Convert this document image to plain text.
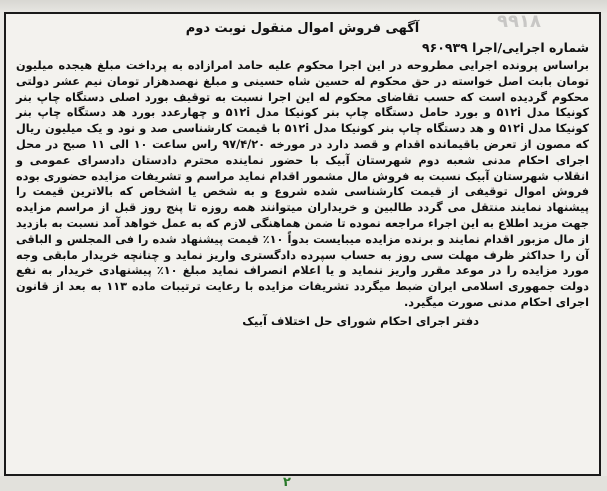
۹۹۱۸
آگهی فروش اموال منقول نوبت دوم
شماره اجرایی/اجرا ۹۶۰۹۳۹

براساس پرونده اجرایی مطروحه در این اجرا محکوم علیه حامد امرازاده به پرداخت مبلغ هیجده میلیون تومان بابت اصل خواسته در حق محکوم له حسین شاه حسینی و مبلغ نهصدهزار تومان نیم عشر دولتی محکوم گردیده است که حسب تقاضای محکوم له این اجرا نسبت به توقیف بورد اصلی دستگاه چاپ بنر کونیکا مدل ۵۱۲i و بورد حامل دستگاه چاپ بنر کونیکا مدل ۵۱۲i و چهارعدد بورد هد دستگاه چاپ بنر کونیکا مدل ۵۱۲i و هد دستگاه چاپ بنر کونیکا مدل ۵۱۲i با قیمت کارشناسی صد و نود و یک میلیون ریال که مصون از تعرض باقیمانده اقدام و قصد دارد در مورخه ۹۷/۴/۲۰ راس ساعت ۱۰ الی ۱۱ صبح در محل اجرای احکام مدنی شعبه دوم شهرستان آبیک با حضور نماینده محترم دادستان دادسرای عمومی و انقلاب شهرستان آبیک نسبت به فروش مال مشمور اقدام نماید مراسم و تشریفات مزایده حضوری بوده فروش اموال توقیفی از قیمت کارشناسی شده شروع و به شخص یا اشخاص که بالاترین قیمت را پیشنهاد نمایند منتقل می گردد طالبین و خریداران میتوانند همه روزه تا پنج روز قبل از مراسم مزایده جهت مزید اطلاع به این اجراء مراجعه نموده تا ضمن هماهنگی لازم که به عمل خواهد آمد نسبت به بازدید از مال مزبور اقدام نمایند و برنده مزایده میبایست بدواً ۱۰٪ قیمت پیشنهاد شده را فی المجلس و الباقی آن را حداکثر ظرف مهلت سی روز به حساب سپرده دادگستری واریز نماید و چنانچه خریدار مابقی وجه مورد مزایده را در موعد مقرر واریز ننماید و یا اعلام انصراف نماید مبلغ ۱۰٪ پیشنهادی خریدار به نفع دولت جمهوری اسلامی ایران ضبط میگردد تشریفات مزایده با رعایت ترتیبات ماده ۱۱۳ به بعد از قانون اجرای احکام مدنی صورت میگیرد.

دفتر اجرای احکام شورای حل اختلاف آبیک
۲
